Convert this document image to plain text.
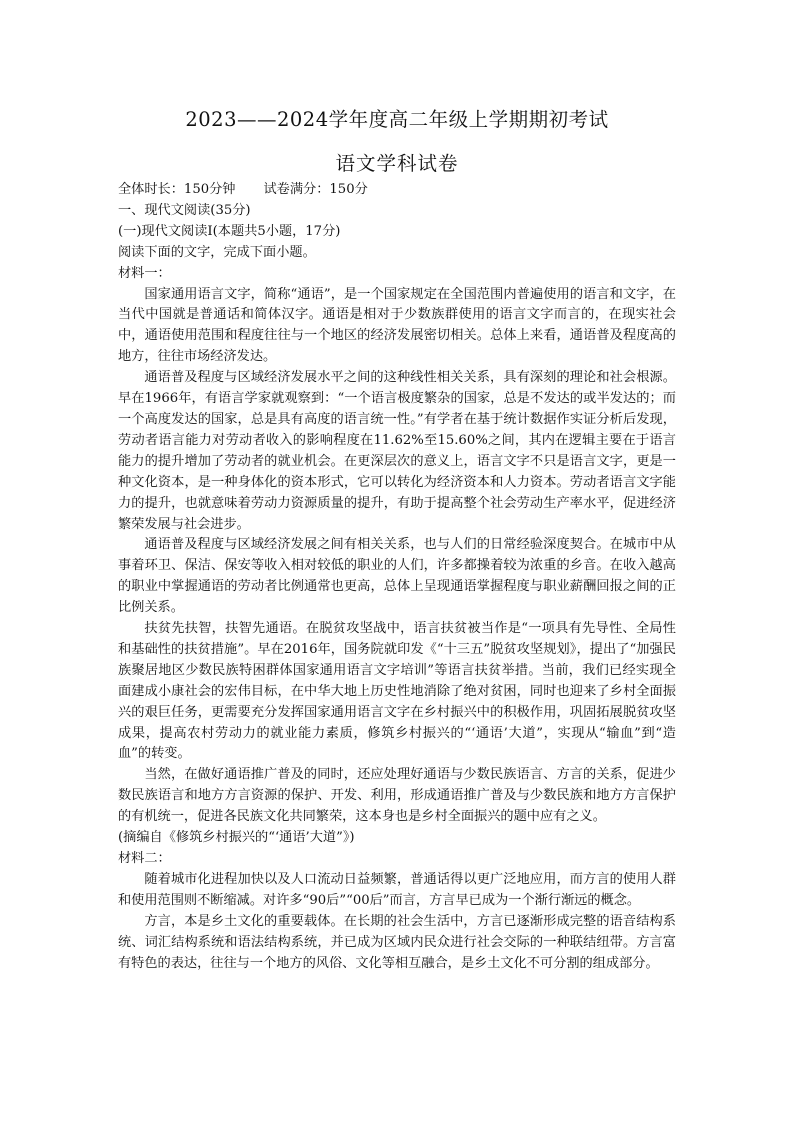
2023——2024学年度高二年级上学期期初考试
语文学科试卷
全体时长：150分钟 试卷满分：150分
一、现代文阅读(35分)
(一)现代文阅读Ⅰ(本题共5小题，17分)
阅读下面的文字，完成下面小题。
材料一：

国家通用语言文字，简称“通语”，是一个国家规定在全国范围内普遍使用的语言和文字，在当代中国就是普通话和简体汉字。通语是相对于少数族群使用的语言文字而言的，在现实社会中，通语使用范围和程度往往与一个地区的经济发展密切相关。总体上来看，通语普及程度高的地方，往往市场经济发达。

通语普及程度与区域经济发展水平之间的这种线性相关关系，具有深刻的理论和社会根源。早在1966年，有语言学家就观察到：“一个语言极度繁杂的国家，总是不发达的或半发达的；而一个高度发达的国家，总是具有高度的语言统一性。”有学者在基于统计数据作实证分析后发现，劳动者语言能力对劳动者收入的影响程度在11.62%至15.60%之间，其内在逻辑主要在于语言能力的提升增加了劳动者的就业机会。在更深层次的意义上，语言文字不只是语言文字，更是一种文化资本，是一种身体化的资本形式，它可以转化为经济资本和人力资本。劳动者语言文字能力的提升，也就意味着劳动力资源质量的提升，有助于提高整个社会劳动生产率水平，促进经济繁荣发展与社会进步。

通语普及程度与区域经济发展之间有相关关系，也与人们的日常经验深度契合。在城市中从事着环卫、保洁、保安等收入相对较低的职业的人们，许多都操着较为浓重的乡音。在收入越高的职业中掌握通语的劳动者比例通常也更高，总体上呈现通语掌握程度与职业薪酬回报之间的正比例关系。

扶贫先扶智，扶智先通语。在脱贫攻坚战中，语言扶贫被当作是“一项具有先导性、全局性和基础性的扶贫措施”。早在2016年，国务院就印发《“十三五”脱贫攻坚规划》，提出了“加强民族聚居地区少数民族特困群体国家通用语言文字培训”等语言扶贫举措。当前，我们已经实现全面建成小康社会的宏伟目标，在中华大地上历史性地消除了绝对贫困，同时也迎来了乡村全面振兴的艰巨任务，更需要充分发挥国家通用语言文字在乡村振兴中的积极作用，巩固拓展脱贫攻坚成果，提高农村劳动力的就业能力素质，修筑乡村振兴的“‘通语’大道”，实现从“输血”到“造血”的转变。

当然，在做好通语推广普及的同时，还应处理好通语与少数民族语言、方言的关系，促进少数民族语言和地方方言资源的保护、开发、利用，形成通语推广普及与少数民族和地方方言保护的有机统一，促进各民族文化共同繁荣，这本身也是乡村全面振兴的题中应有之义。

(摘编自《修筑乡村振兴的“‘通语’大道”》)
材料二：

随着城市化进程加快以及人口流动日益频繁，普通话得以更广泛地应用，而方言的使用人群和使用范围则不断缩减。对许多“90后”“00后”而言，方言早已成为一个渐行渐远的概念。

方言，本是乡土文化的重要载体。在长期的社会生活中，方言已逐渐形成完整的语音结构系统、词汇结构系统和语法结构系统，并已成为区域内民众进行社会交际的一种联结纽带。方言富有特色的表达，往往与一个地方的风俗、文化等相互融合，是乡土文化不可分割的组成部分。
